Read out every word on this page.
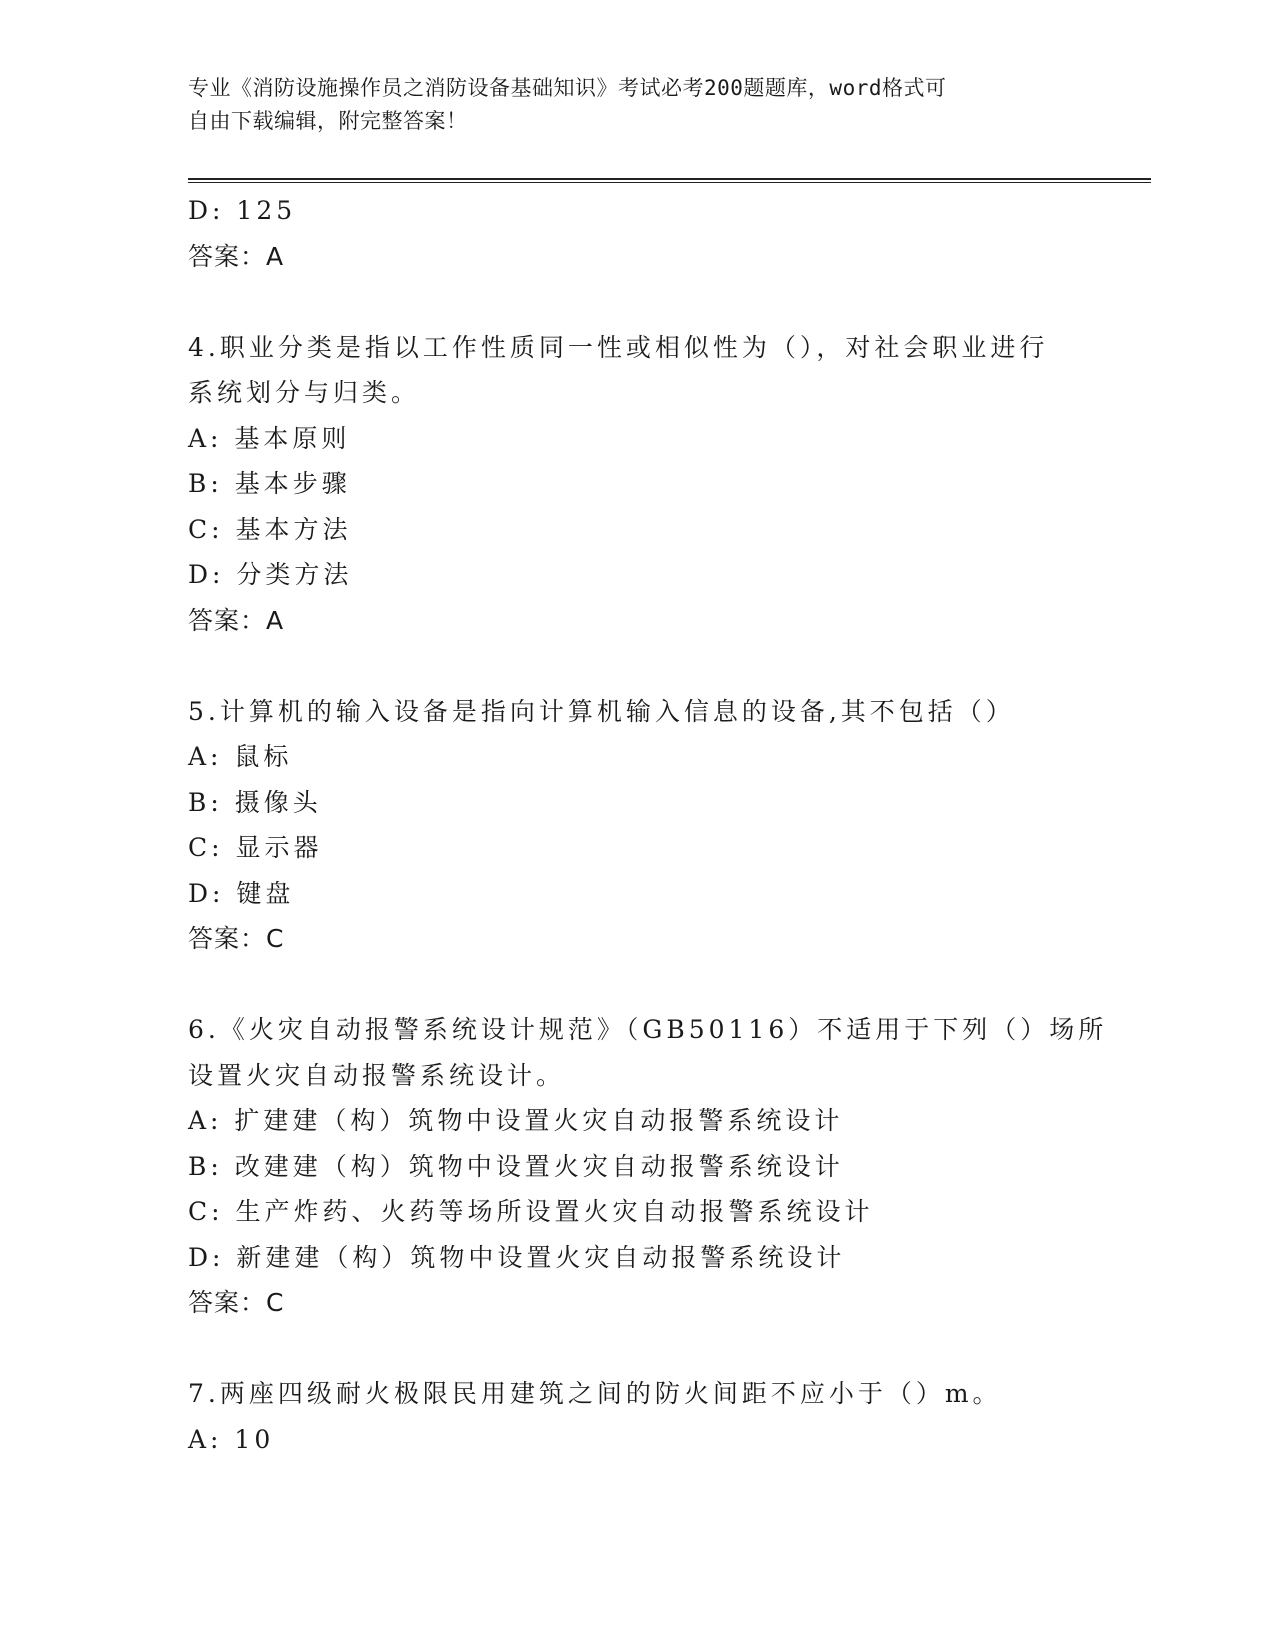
专业《消防设施操作员之消防设备基础知识》考试必考200题题库，word格式可
自由下载编辑，附完整答案！
D: 125
答案：A
4.职业分类是指以工作性质同一性或相似性为（），对社会职业进行
系统划分与归类。
A: 基本原则
B: 基本步骤
C: 基本方法
D: 分类方法
答案：A
5.计算机的输入设备是指向计算机输入信息的设备,其不包括（）
A: 鼠标
B: 摄像头
C: 显示器
D: 键盘
答案：C
6.《火灾自动报警系统设计规范》（GB50116）不适用于下列（）场所
设置火灾自动报警系统设计。
A: 扩建建（构）筑物中设置火灾自动报警系统设计
B: 改建建（构）筑物中设置火灾自动报警系统设计
C: 生产炸药、火药等场所设置火灾自动报警系统设计
D: 新建建（构）筑物中设置火灾自动报警系统设计
答案：C
7.两座四级耐火极限民用建筑之间的防火间距不应小于（）m。
A: 10
